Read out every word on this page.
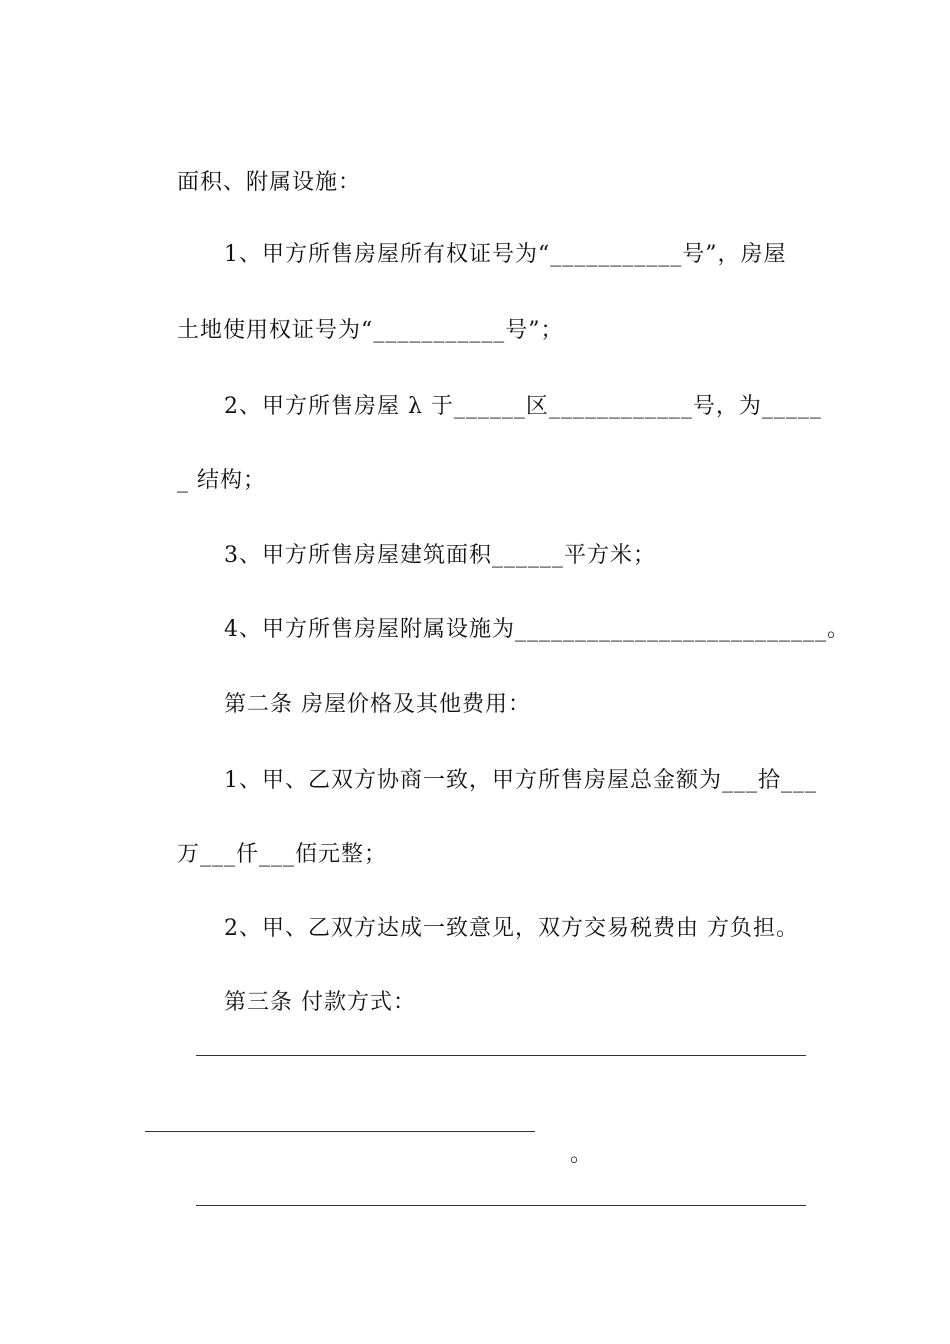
面积、附属设施：

1、甲方所售房屋所有权证号为“___________号”，房屋

土地使用权证号为“___________号”；

2、甲方所售房屋 λ 于______区____________号，为_____

_ 结构；

3、甲方所售房屋建筑面积______平方米；

4、甲方所售房屋附属设施为__________________________。

第二条 房屋价格及其他费用：

1、甲、乙双方协商一致，甲方所售房屋总金额为___拾___

万___仟___佰元整；

2、甲、乙双方达成一致意见，双方交易税费由 方负担。

第三条 付款方式：

。
